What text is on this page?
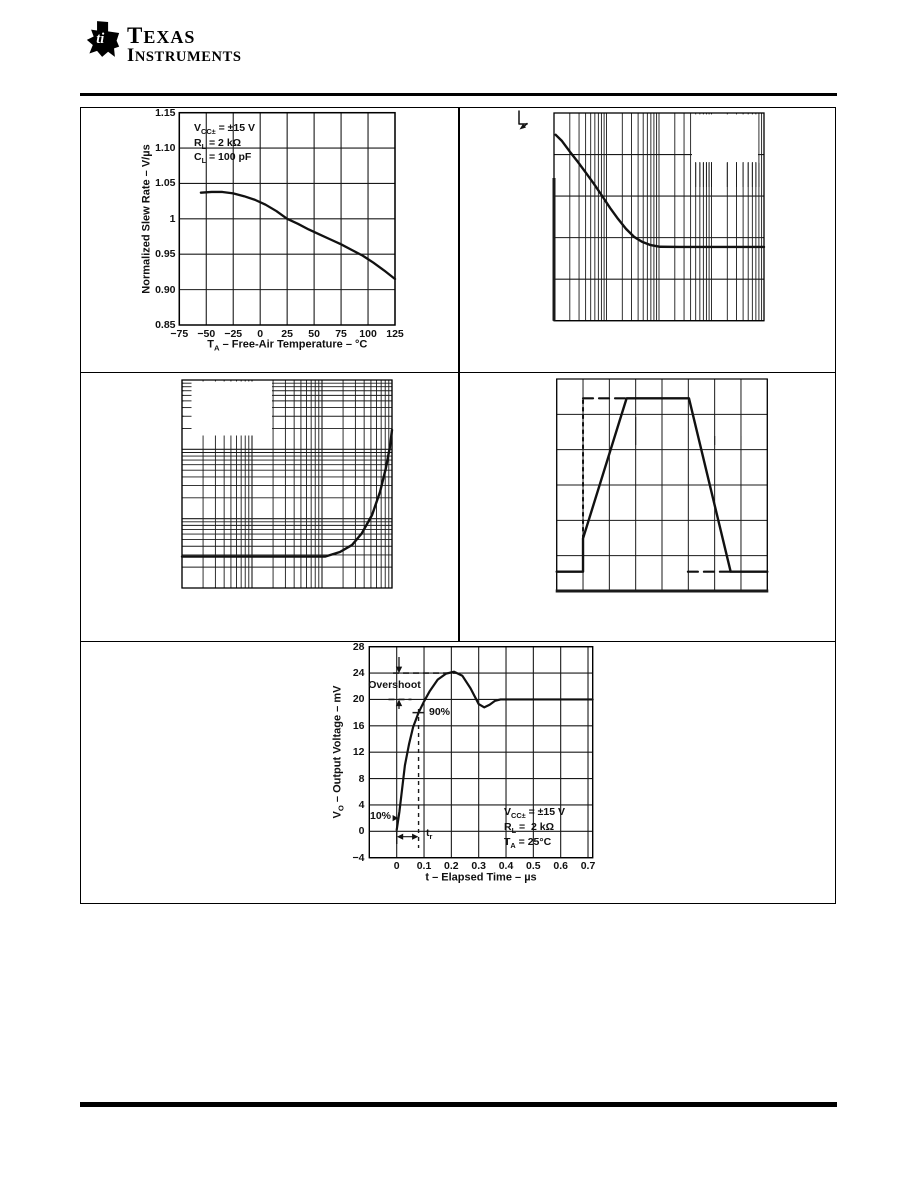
ti TEXAS
INSTRUMENTS
0.85
0.90
0.95
1
1.05
1.10
1.15
−75 −50 −25 0 25 50 75 100 125
Normalized Slew Rate – V/µs
$T_A$ – Free-Air Temperature – °C
$V_{CC\pm} = \pm 15$ V
$R_L = 2$ kΩ
$C_L = 100$ pF
−4
0
4
8
12
16
20
24
28
0 0.1 0.2 0.3 0.4 0.5 0.6 0.7
$V_O$ – Output Voltage – mV
t – Elapsed Time – µs
Overshoot
90%
10%
$t_r$
$V_{CC\pm} = \pm 15$ V
$R_L = 2$ kΩ
$T_A = 25^\circ C$
